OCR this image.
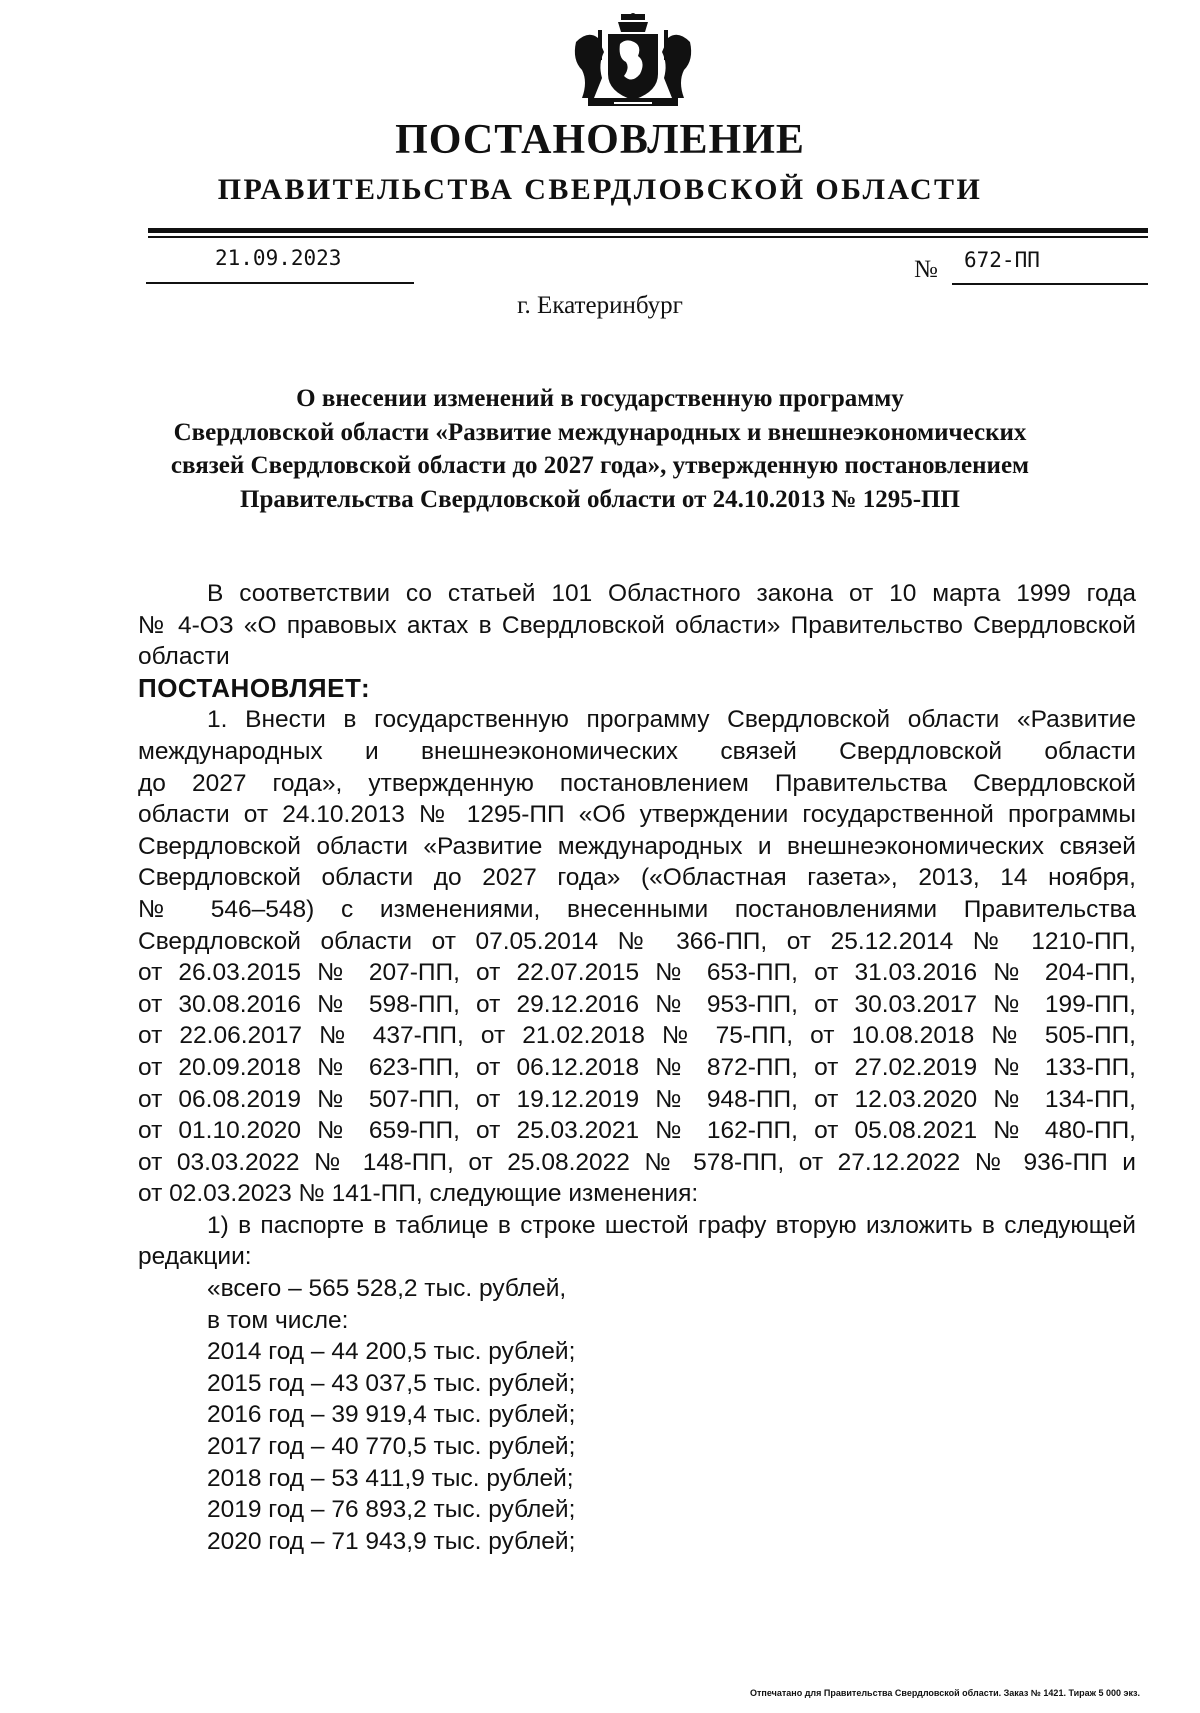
ПОСТАНОВЛЕНИЕ
ПРАВИТЕЛЬСТВА СВЕРДЛОВСКОЙ ОБЛАСТИ
21.09.2023	№ 672-ПП
г. Екатеринбург
О внесении изменений в государственную программу
Свердловской области «Развитие международных и внешнеэкономических
связей Свердловской области до 2027 года», утвержденную постановлением
Правительства Свердловской области от 24.10.2013 № 1295-ПП

В соответствии со статьей 101 Областного закона от 10 марта 1999 года

№ 4-ОЗ «О правовых актах в Свердловской области» Правительство Свердловской

области

ПОСТАНОВЛЯЕТ:

1. Внести в государственную программу Свердловской области «Развитие

международных и внешнеэкономических связей Свердловской области

до 2027 года», утвержденную постановлением Правительства Свердловской

области от 24.10.2013 № 1295-ПП «Об утверждении государственной программы

Свердловской области «Развитие международных и внешнеэкономических связей

Свердловской области до 2027 года» («Областная газета», 2013, 14 ноября,

№ 546–548) с изменениями, внесенными постановлениями Правительства

Свердловской области от 07.05.2014 № 366-ПП, от 25.12.2014 № 1210-ПП,

от 26.03.2015 № 207-ПП, от 22.07.2015 № 653-ПП, от 31.03.2016 № 204-ПП,

от 30.08.2016 № 598-ПП, от 29.12.2016 № 953-ПП, от 30.03.2017 № 199-ПП,

от 22.06.2017 № 437-ПП, от 21.02.2018 № 75-ПП, от 10.08.2018 № 505-ПП,

от 20.09.2018 № 623-ПП, от 06.12.2018 № 872-ПП, от 27.02.2019 № 133-ПП,

от 06.08.2019 № 507-ПП, от 19.12.2019 № 948-ПП, от 12.03.2020 № 134-ПП,

от 01.10.2020 № 659-ПП, от 25.03.2021 № 162-ПП, от 05.08.2021 № 480-ПП,

от 03.03.2022 № 148-ПП, от 25.08.2022 № 578-ПП, от 27.12.2022 № 936-ПП и

от 02.03.2023 № 141-ПП, следующие изменения:

1) в паспорте в таблице в строке шестой графу вторую изложить в следующей

редакции:

«всего – 565 528,2 тыс. рублей,

в том числе:

2014 год – 44 200,5 тыс. рублей;

2015 год – 43 037,5 тыс. рублей;

2016 год – 39 919,4 тыс. рублей;

2017 год – 40 770,5 тыс. рублей;

2018 год – 53 411,9 тыс. рублей;

2019 год – 76 893,2 тыс. рублей;

2020 год – 71 943,9 тыс. рублей;

Отпечатано для Правительства Свердловской области. Заказ № 1421. Тираж 5 000 экз.
